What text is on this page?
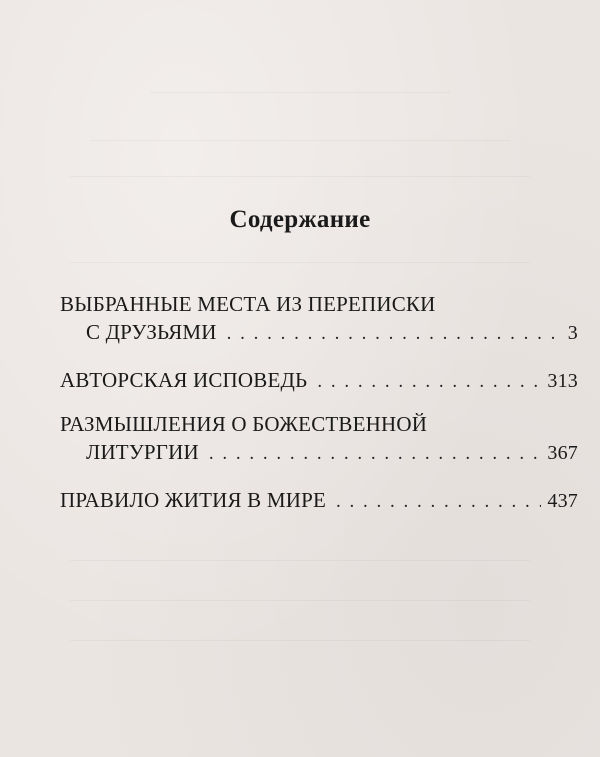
Содержание
ВЫБРАННЫЕ МЕСТА ИЗ ПЕРЕПИСКИ
С ДРУЗЬЯМИ . . .	3
АВТОРСКАЯ ИСПОВЕДЬ . . .	313
РАЗМЫШЛЕНИЯ О БОЖЕСТВЕННОЙ
ЛИТУРГИИ . . .	367
ПРАВИЛО ЖИТИЯ В МИРЕ . . .	437
